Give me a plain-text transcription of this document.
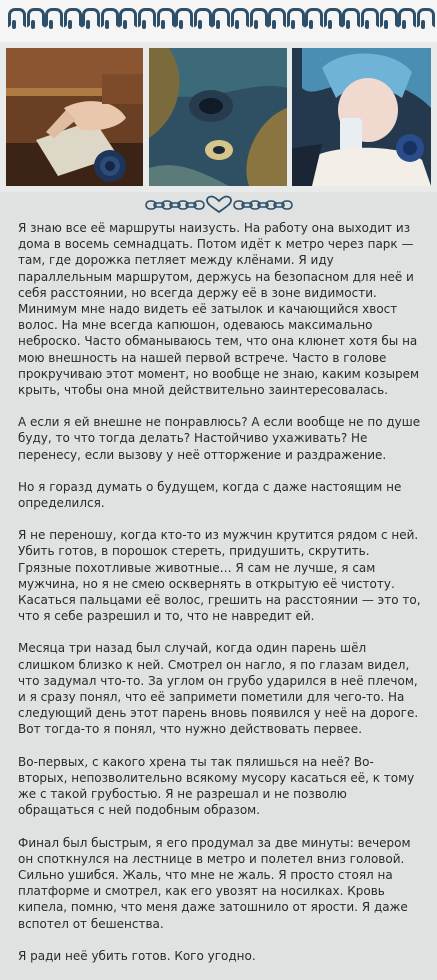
Я знаю все её маршруты наизусть. На работу она выходит из дома в восемь семнадцать. Потом идёт к метро через парк — там, где дорожка петляет между клёнами. Я иду параллельным маршрутом, держусь на безопасном для неё и себя расстоянии, но всегда держу её в зоне видимости. Минимум мне надо видеть её затылок и качающийся хвост волос. На мне всегда капюшон, одеваюсь максимально неброско. Часто обманываюсь тем, что она клюнет хотя бы на мою внешность на нашей первой встрече. Часто в голове прокручиваю этот момент, но вообще не знаю, каким козырем крыть, чтобы она мной действительно заинтересовалась.

А если я ей внешне не понравлюсь? А если вообще не по душе буду, то что тогда делать? Настойчиво ухаживать? Не перенесу, если вызову у неё отторжение и раздражение.

Но я горазд думать о будущем, когда с даже настоящим не определился.

Я не переношу, когда кто-то из мужчин крутится рядом с ней. Убить готов, в порошок стереть, придушить, скрутить. Грязные похотливые животные… Я сам не лучше, я сам мужчина, но я не смею осквернять в открытую её чистоту. Касаться пальцами её волос, грешить на расстоянии — это то, что я себе разрешил и то, что не навредит ей.

Месяца три назад был случай, когда один парень шёл слишком близко к ней. Смотрел он нагло, я по глазам видел, что задумал что-то. За углом он грубо ударился в неё плечом, и я сразу понял, что её запримети пометили для чего-то. На следующий день этот парень вновь появился у неё на дороге. Вот тогда-то я понял, что нужно действовать первее.

Во-первых, с какого хрена ты так пялишься на неё? Во-вторых, непозволительно всякому мусору касаться её, к тому же с такой грубостью. Я не разрешал и не позволю обращаться с ней подобным образом.

Финал был быстрым, я его продумал за две минуты: вечером он споткнулся на лестнице в метро и полетел вниз головой. Сильно ушибся. Жаль, что мне не жаль. Я просто стоял на платформе и смотрел, как его увозят на носилках. Кровь кипела, помню, что меня даже затошнило от ярости. Я даже вспотел от бешенства.

Я ради неё убить готов. Кого угодно.
